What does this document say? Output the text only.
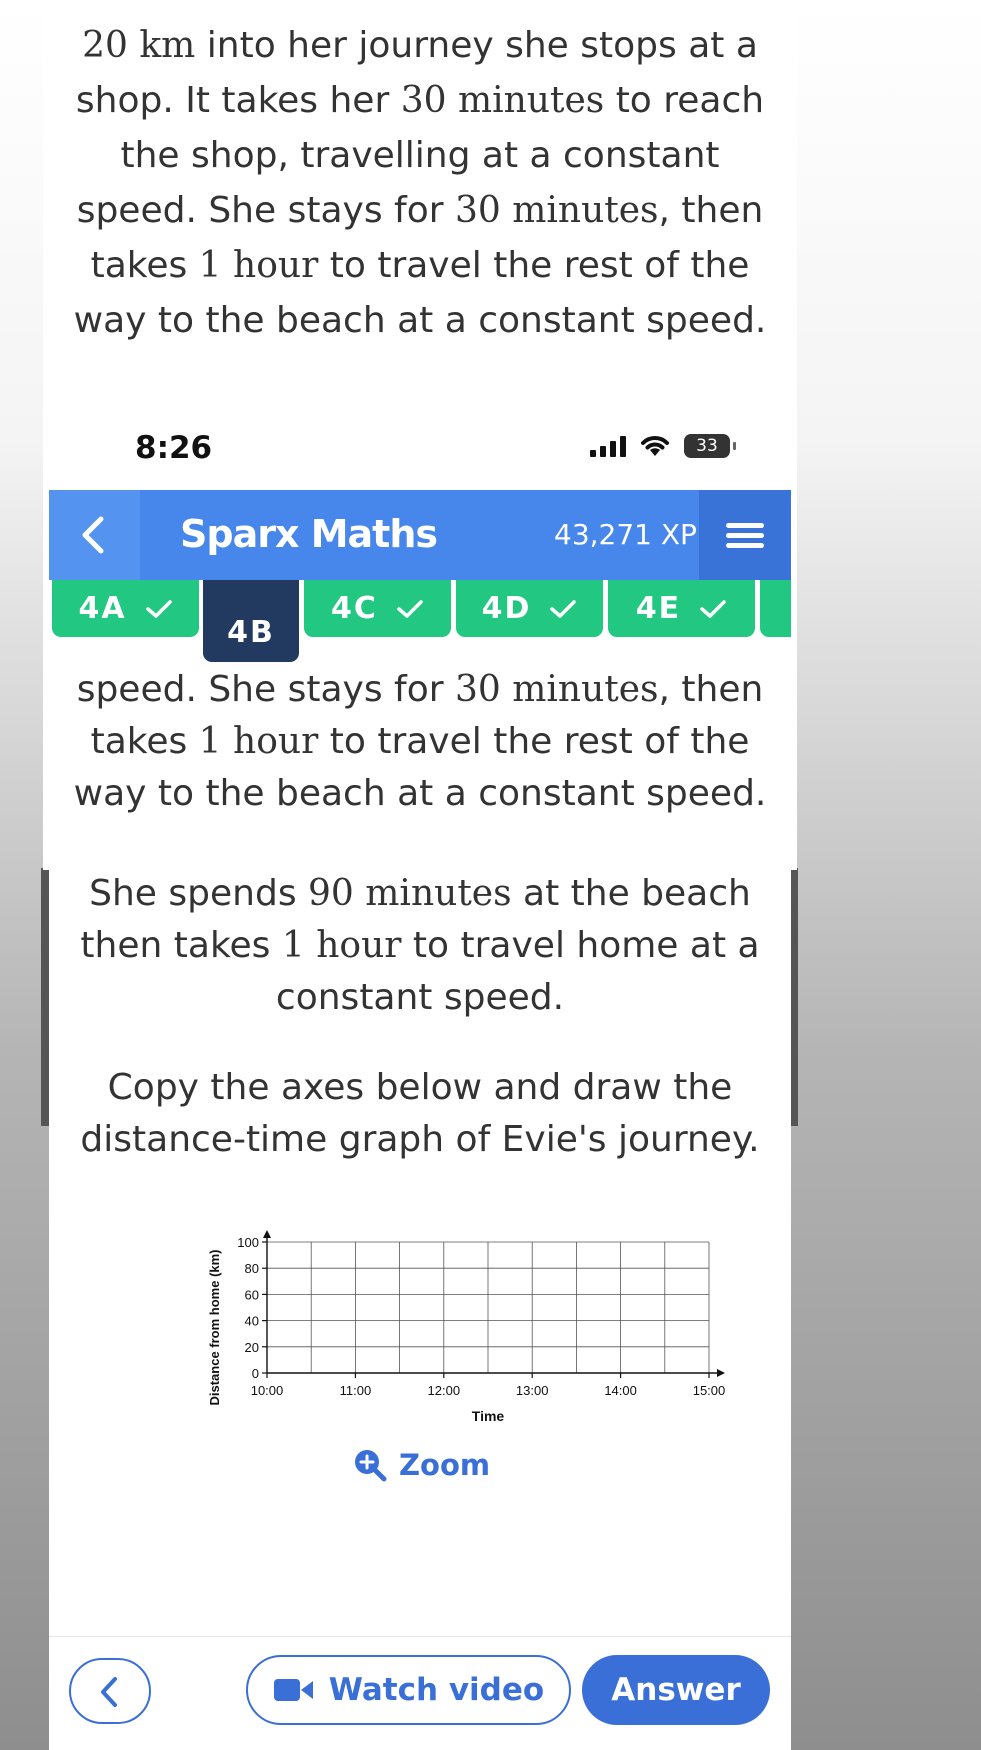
20 km into her journey she stops at a
shop. It takes her 30 minutes to reach
the shop, travelling at a constant
speed. She stays for 30 minutes, then
takes 1 hour to travel the rest of the
way to the beach at a constant speed.
8:26	33
Sparx Maths	43,271 XP
4A
4B
4C	4D	4E
speed. She stays for 30 minutes, then
takes 1 hour to travel the rest of the
way to the beach at a constant speed.
She spends 90 minutes at the beach
then takes 1 hour to travel home at a
constant speed.
Copy the axes below and draw the
distance-time graph of Evie's journey.
0
20
40
60
80
100
10:00	11:00	12:00	13:00	14:00	15:00
Time
Distance from home (km)
Zoom
Watch video	Answer
